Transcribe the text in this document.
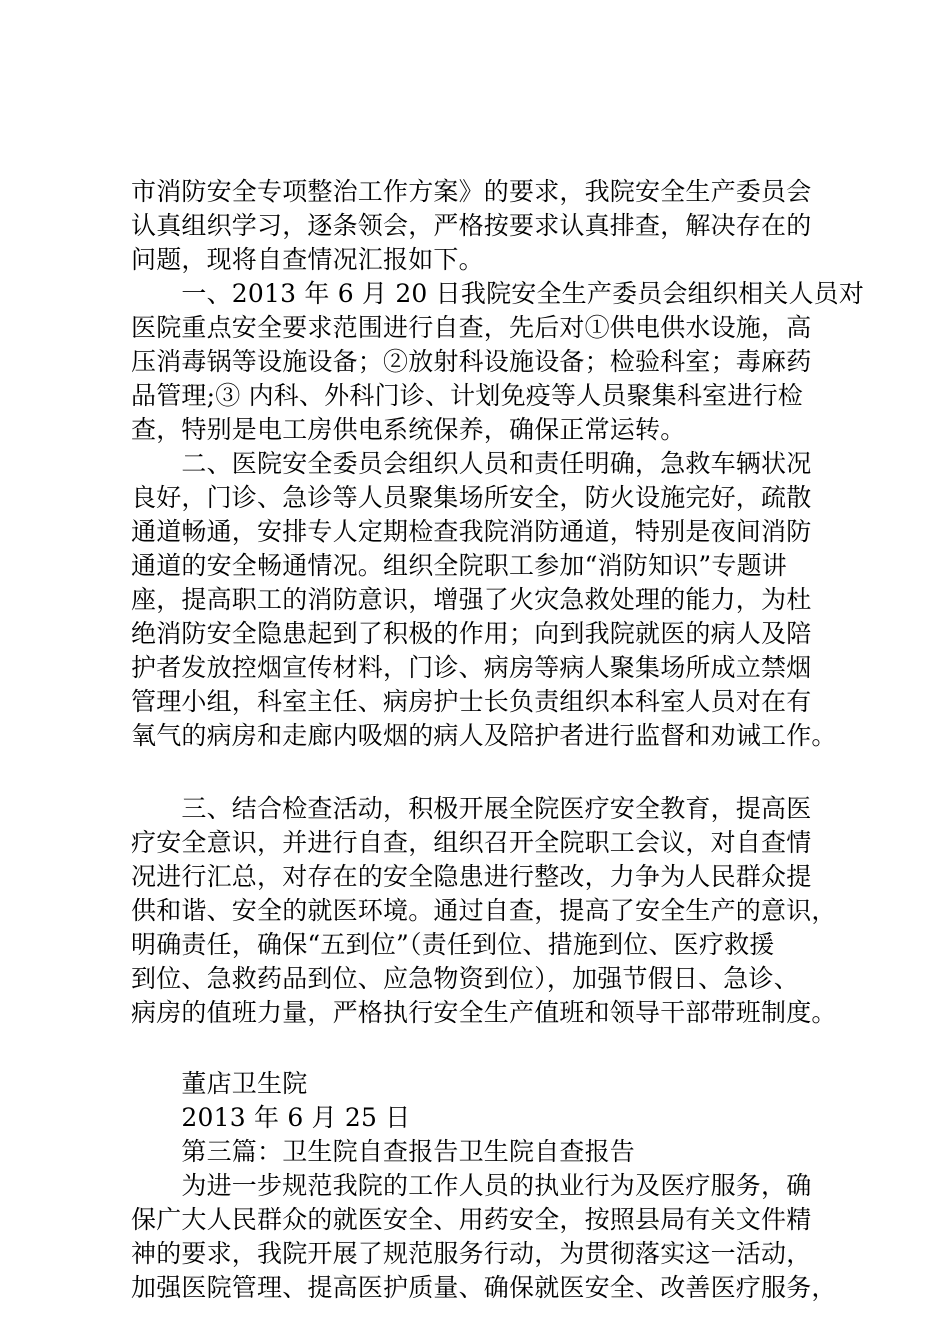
市消防安全专项整治工作方案》的要求，我院安全生产委员会
认真组织学习，逐条领会，严格按要求认真排查，解决存在的
问题，现将自查情况汇报如下。
　　一、2013 年 6 月 20 日我院安全生产委员会组织相关人员对
医院重点安全要求范围进行自查，先后对①供电供水设施，高
压消毒锅等设施设备；②放射科设施设备；检验科室；毒麻药
品管理;③ 内科、外科门诊、计划免疫等人员聚集科室进行检
查，特别是电工房供电系统保养，确保正常运转。
　　二、医院安全委员会组织人员和责任明确，急救车辆状况
良好，门诊、急诊等人员聚集场所安全，防火设施完好，疏散
通道畅通，安排专人定期检查我院消防通道，特别是夜间消防
通道的安全畅通情况。组织全院职工参加“消防知识”专题讲
座，提高职工的消防意识，增强了火灾急救处理的能力，为杜
绝消防安全隐患起到了积极的作用；向到我院就医的病人及陪
护者发放控烟宣传材料，门诊、病房等病人聚集场所成立禁烟
管理小组，科室主任、病房护士长负责组织本科室人员对在有
氧气的病房和走廊内吸烟的病人及陪护者进行监督和劝诫工作。
　　三、结合检查活动，积极开展全院医疗安全教育，提高医
疗安全意识，并进行自查，组织召开全院职工会议，对自查情
况进行汇总，对存在的安全隐患进行整改，力争为人民群众提
供和谐、安全的就医环境。通过自查，提高了安全生产的意识，
明确责任，确保“五到位”（责任到位、措施到位、医疗救援
到位、急救药品到位、应急物资到位），加强节假日、急诊、
病房的值班力量，严格执行安全生产值班和领导干部带班制度。
　　董店卫生院
　　2013 年 6 月 25 日
　　第三篇：卫生院自查报告卫生院自查报告
　　为进一步规范我院的工作人员的执业行为及医疗服务，确
保广大人民群众的就医安全、用药安全，按照县局有关文件精
神的要求，我院开展了规范服务行动，为贯彻落实这一活动，
加强医院管理、提高医护质量、确保就医安全、改善医疗服务，
